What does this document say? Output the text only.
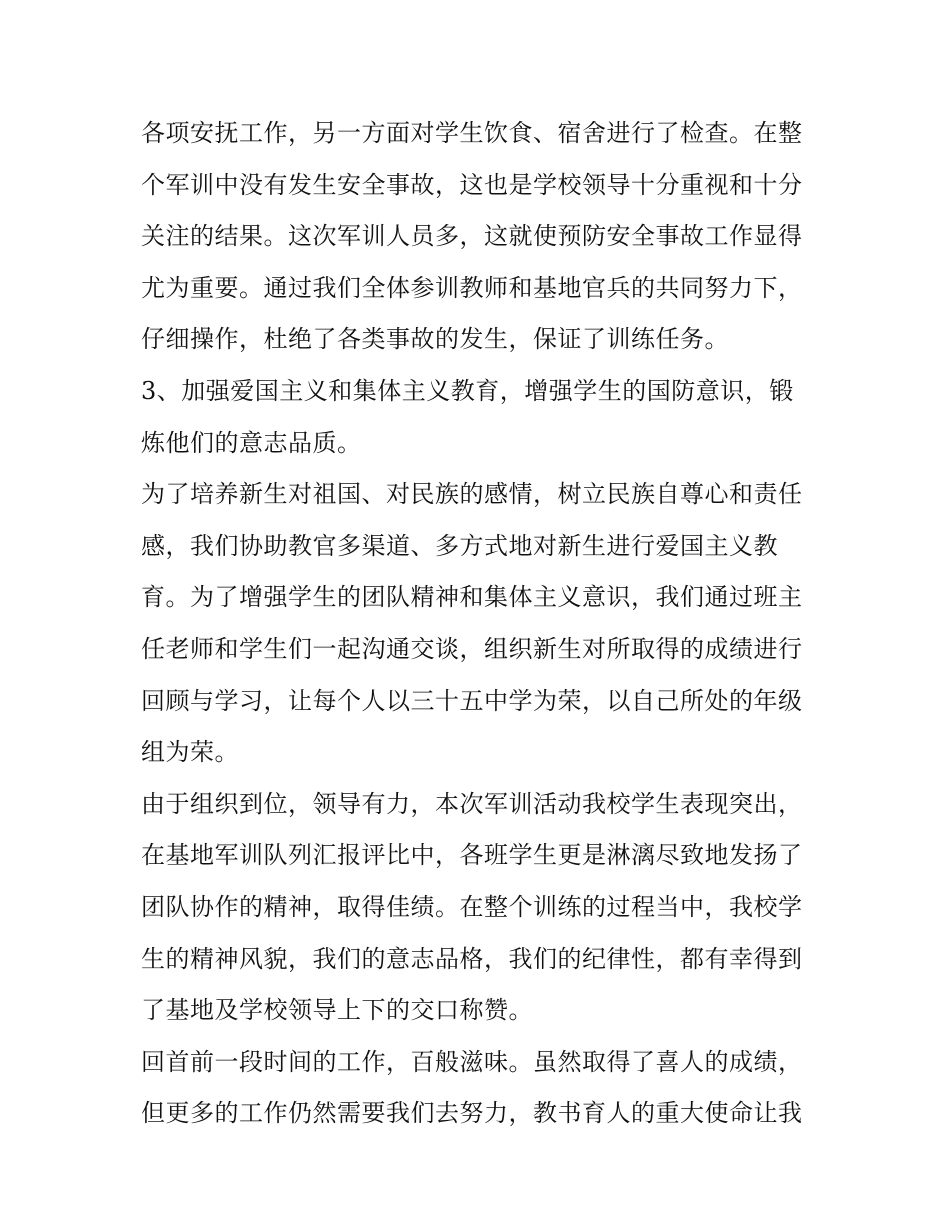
各项安抚工作，另一方面对学生饮食、宿舍进行了检查。在整
个军训中没有发生安全事故，这也是学校领导十分重视和十分
关注的结果。这次军训人员多，这就使预防安全事故工作显得
尤为重要。通过我们全体参训教师和基地官兵的共同努力下，
仔细操作，杜绝了各类事故的发生，保证了训练任务。
3、加强爱国主义和集体主义教育，增强学生的国防意识，锻
炼他们的意志品质。
为了培养新生对祖国、对民族的感情，树立民族自尊心和责任
感，我们协助教官多渠道、多方式地对新生进行爱国主义教
育。为了增强学生的团队精神和集体主义意识，我们通过班主
任老师和学生们一起沟通交谈，组织新生对所取得的成绩进行
回顾与学习，让每个人以三十五中学为荣，以自己所处的年级
组为荣。
由于组织到位，领导有力，本次军训活动我校学生表现突出，
在基地军训队列汇报评比中，各班学生更是淋漓尽致地发扬了
团队协作的精神，取得佳绩。在整个训练的过程当中，我校学
生的精神风貌，我们的意志品格，我们的纪律性，都有幸得到
了基地及学校领导上下的交口称赞。
回首前一段时间的工作，百般滋味。虽然取得了喜人的成绩，
但更多的工作仍然需要我们去努力，教书育人的重大使命让我
